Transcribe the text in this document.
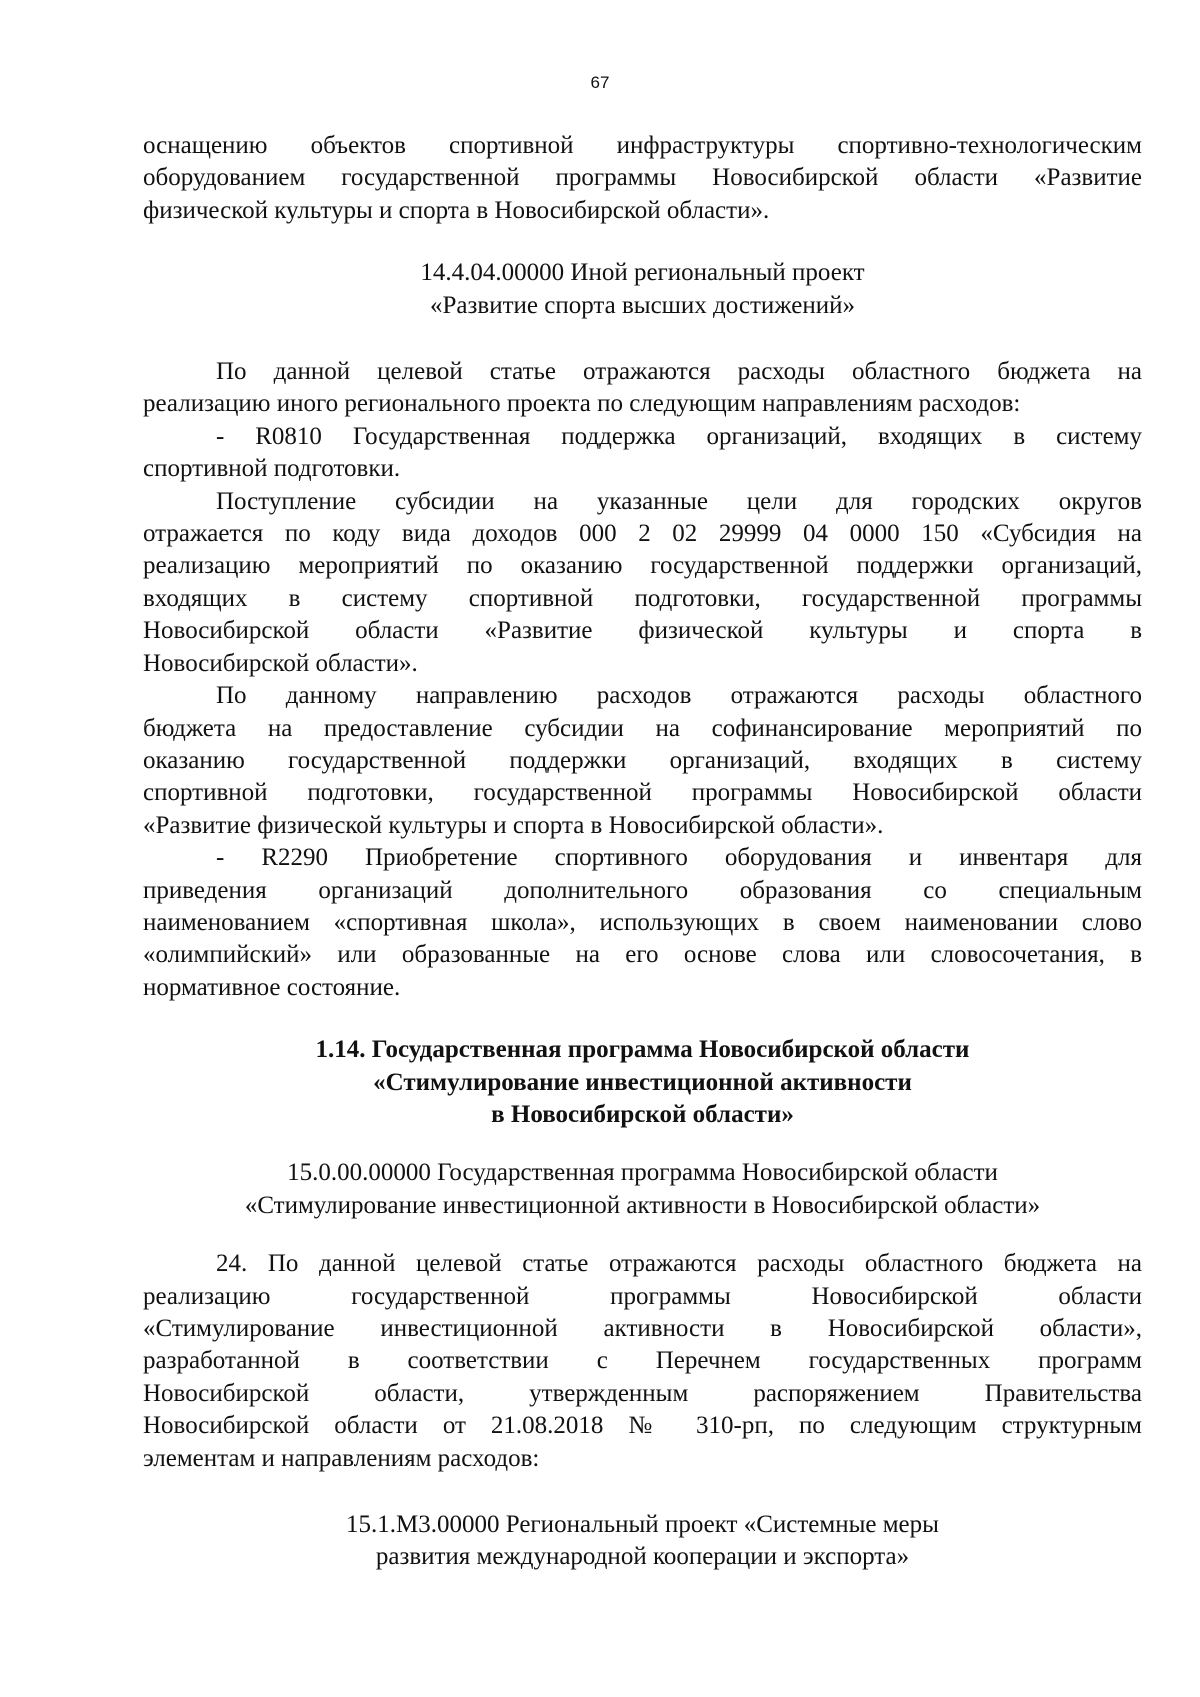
67
оснащению объектов спортивной инфраструктуры спортивно-технологическим
оборудованием государственной программы Новосибирской области «Развитие
физической культуры и спорта в Новосибирской области».
14.4.04.00000 Иной региональный проект
«Развитие спорта высших достижений»
По данной целевой статье отражаются расходы областного бюджета на
реализацию иного регионального проекта по следующим направлениям расходов:
- R0810 Государственная поддержка организаций, входящих в систему
спортивной подготовки.
Поступление субсидии на указанные цели для городских округов
отражается по коду вида доходов 000 2 02 29999 04 0000 150 «Субсидия на
реализацию мероприятий по оказанию государственной поддержки организаций,
входящих в систему спортивной подготовки, государственной программы
Новосибирской области «Развитие физической культуры и спорта в
Новосибирской области».
По данному направлению расходов отражаются расходы областного
бюджета на предоставление субсидии на софинансирование мероприятий по
оказанию государственной поддержки организаций, входящих в систему
спортивной подготовки, государственной программы Новосибирской области
«Развитие физической культуры и спорта в Новосибирской области».
- R2290 Приобретение спортивного оборудования и инвентаря для
приведения организаций дополнительного образования со специальным
наименованием «спортивная школа», использующих в своем наименовании слово
«олимпийский» или образованные на его основе слова или словосочетания, в
нормативное состояние.
1.14. Государственная программа Новосибирской области
«Стимулирование инвестиционной активности
в Новосибирской области»
15.0.00.00000 Государственная программа Новосибирской области
«Стимулирование инвестиционной активности в Новосибирской области»
24. По данной целевой статье отражаются расходы областного бюджета на
реализацию государственной программы Новосибирской области
«Стимулирование инвестиционной активности в Новосибирской области»,
разработанной в соответствии с Перечнем государственных программ
Новосибирской области, утвержденным распоряжением Правительства
Новосибирской области от 21.08.2018 № 310-рп, по следующим структурным
элементам и направлениям расходов:
15.1.М3.00000 Региональный проект «Системные меры
развития международной кооперации и экспорта»
